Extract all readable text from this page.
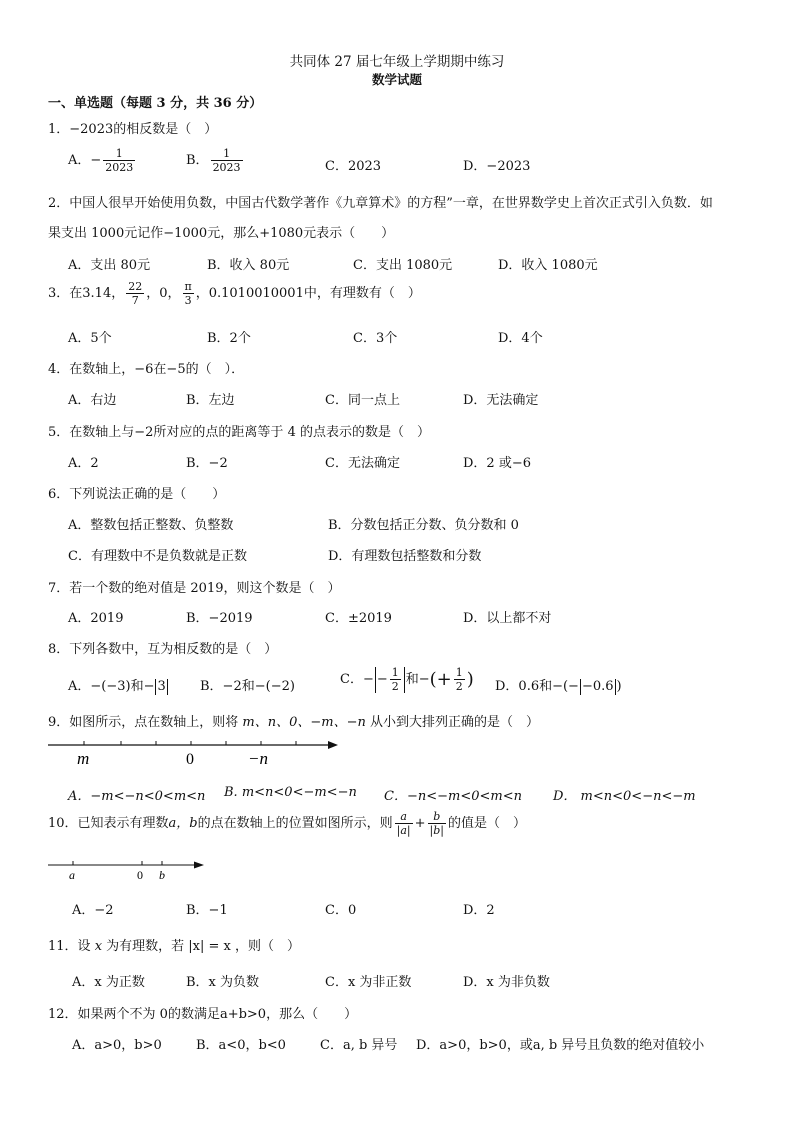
共同体 27 届七年级上学期期中练习
数学试题
一、单选题（每题 3 分，共 36 分）
1．−2023的相反数是（　）
A．− $\frac{1}{2023}$	B． $\frac{1}{2023}$	C．2023	D．−2023
2．中国人很早开始使用负数，中国古代数学著作《九章算术》的方程”一章，在世界数学史上首次正式引入负数．如
果支出 1000元记作−1000元，那么+1080元表示（　　）
A．支出 80元	B．收入 80元	C．支出 1080元	D．收入 1080元
3．在3.14， $\frac{22}{7}$ ，0， $\frac{\pi}{3}$ ，0.1010010001中，有理数有（　）
A．5个	B．2个	C．3个	D．4个
4．在数轴上，−6在−5的（　）．
A．右边	B．左边	C．同一点上	D．无法确定
5．在数轴上与−2所对应的点的距离等于 4 的点表示的数是（　）
A．2	B．−2	C．无法确定	D．2 或−6
6．下列说法正确的是（　　）
A．整数包括正整数、负整数	B．分数包括正分数、负分数和 0
C．有理数中不是负数就是正数	D．有理数包括整数和分数
7．若一个数的绝对值是 2019，则这个数是（　）
A．2019	B．−2019	C．±2019	D．以上都不对
8．下列各数中，互为相反数的是（　）
A．−(−3)和− 3	B．−2和−(−2)	C．− − $\frac{1}{2}$ 和−(+ $\frac{1}{2}$ ) D．0.6和−(− −0.6 )
9．如图所示，点在数轴上，则将 m、n、0、−m、−n 从小到大排列正确的是（　）
m	0	−n
A．−m<−n<0<m<n B. m<n<0<−m<−n C．−n<−m<0<m<n D． m<n<0<−n<−m
10．已知表示有理数a，b的点在数轴上的位置如图所示，则 $\frac{a}{|a|} + \frac{b}{|b|}$ 的值是（　）
a	0 b
A．−2	B．−1	C．0	D．2
11．设 x 为有理数，若 |x| = x ，则（　）
A．x 为正数	B．x 为负数	C．x 为非正数	D．x 为非负数
12．如果两个不为 0的数满足a+b>0，那么（　　）
A．a>0，b>0	B．a<0，b<0	C．a, b 异号 D．a>0，b>0，或a, b 异号且负数的绝对值较小
